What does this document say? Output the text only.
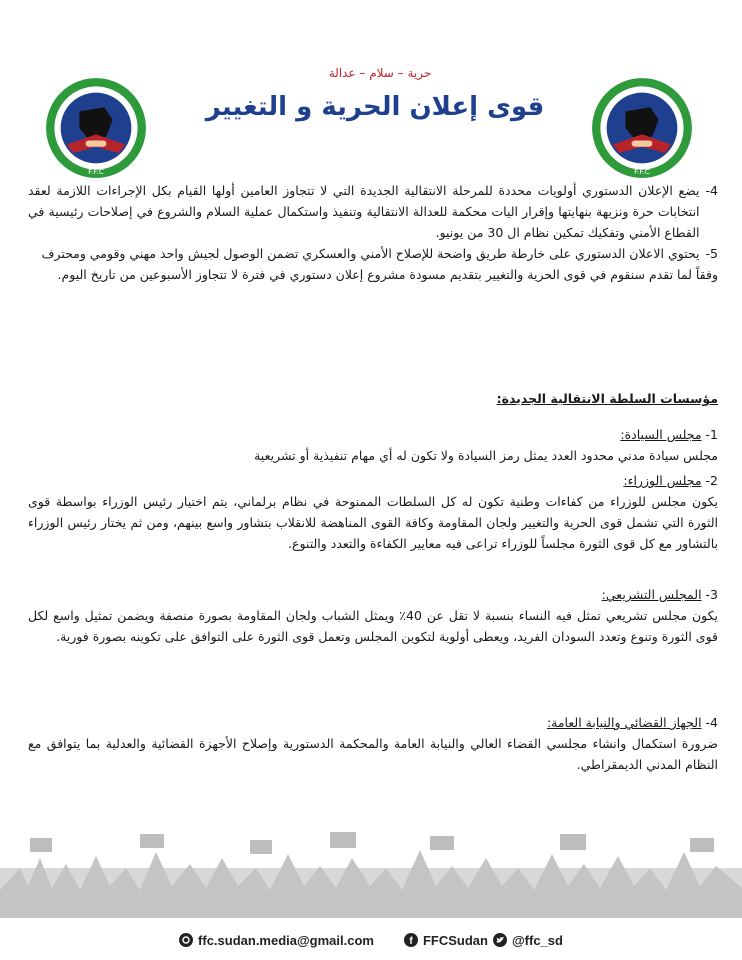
F.F.C
حرية – سلام – عدالة
قوى إعلان الحرية و التغيير
F.F.C
4-
يضع الإعلان الدستوري أولويات محددة للمرحلة الانتقالية الجديدة التي لا تتجاوز العامين أولها القيام بكل الإجراءات اللازمة لعقد انتخابات حرة ونزيهة بنهايتها وإقرار اليات محكمة للعدالة الانتقالية وتنفيذ واستكمال عملية السلام والشروع في إصلاحات رئيسية في القطاع الأمني وتفكيك تمكين نظام ال 30 من يونيو.
5-
يحتوي الاعلان الدستوري على خارطة طريق واضحة للإصلاح الأمني والعسكري تضمن الوصول لجيش واحد مهني وقومي ومحترف
وفقاً لما تقدم سنقوم في قوى الحرية والتغيير بتقديم مسودة مشروع إعلان دستوري في فترة لا تتجاوز الأسبوعين من تاريخ اليوم.
مؤسسات السلطة الانتقالية الجديدة:
1- مجلس السيادة:
مجلس سيادة مدني محدود العدد يمثل رمز السيادة ولا تكون له أي مهام تنفيذية أو تشريعية
2- مجلس الوزراء:
يكون مجلس للوزراء من كفاءات وطنية تكون له كل السلطات الممنوحة في نظام برلماني، يتم اختيار رئيس الوزراء بواسطة قوى الثورة التي تشمل قوى الحرية والتغيير ولجان المقاومة وكافة القوى المناهضة للانقلاب بتشاور واسع بينهم، ومن ثم يختار رئيس الوزراء بالتشاور مع كل قوى الثورة مجلساً للوزراء تراعى فيه معايير الكفاءة والتعدد والتنوع.
3- المجلس التشريعي:
يكون مجلس تشريعي تمثل فيه النساء بنسبة لا تقل عن 40٪ ويمثل الشباب ولجان المقاومة بصورة منصفة ويضمن تمثيل واسع لكل قوى الثورة وتنوع وتعدد السودان الفريد، ويعطى أولوية لتكوين المجلس وتعمل قوى الثورة على التوافق على تكوينه بصورة فورية.
4- الجهاز القضائي والنيابة العامة:
ضرورة استكمال وانشاء مجلسي القضاء العالي والنيابة العامة والمحكمة الدستورية وإصلاح الأجهزة القضائية والعدلية بما يتوافق مع النظام المدني الديمقراطي.
ffc.sudan.media@gmail.com	f FFCSudan @ffc_sd
